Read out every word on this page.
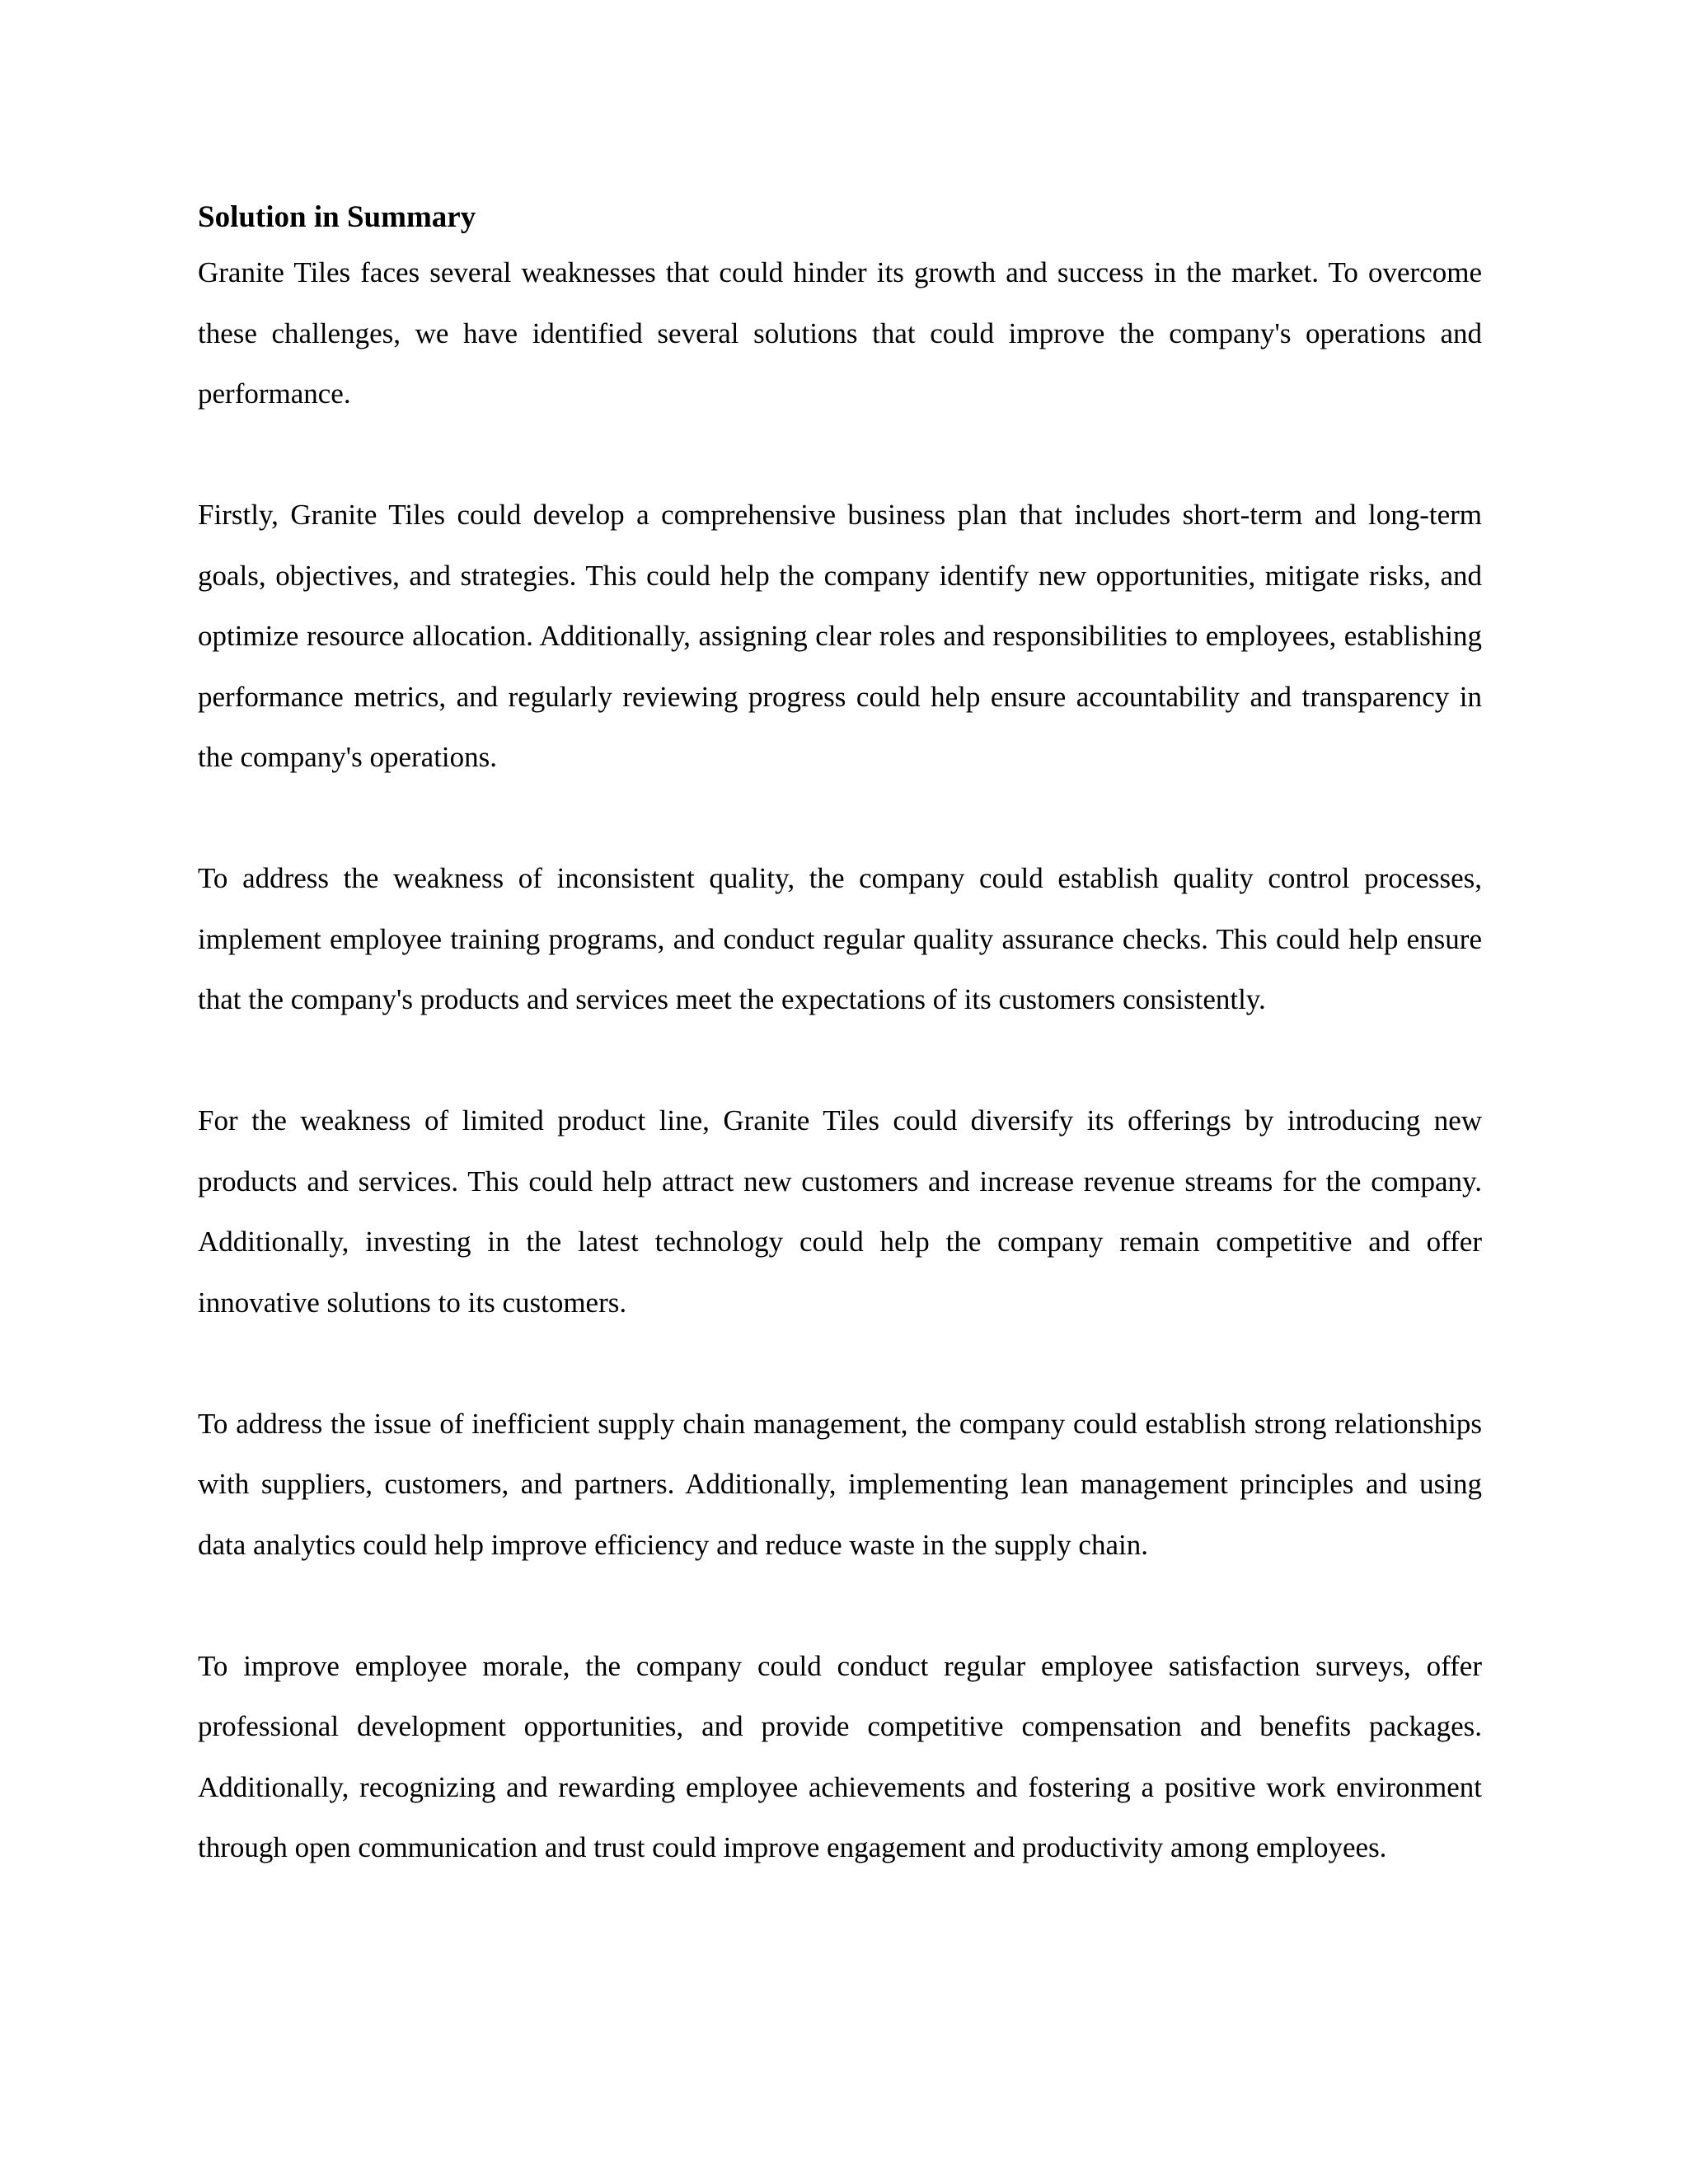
Solution in Summary

Granite Tiles faces several weaknesses that could hinder its growth and success in the market. To overcome these challenges, we have identified several solutions that could improve the company's operations and performance.

Firstly, Granite Tiles could develop a comprehensive business plan that includes short-term and long-term goals, objectives, and strategies. This could help the company identify new opportunities, mitigate risks, and optimize resource allocation. Additionally, assigning clear roles and responsibilities to employees, establishing performance metrics, and regularly reviewing progress could help ensure accountability and transparency in the company's operations.

To address the weakness of inconsistent quality, the company could establish quality control processes, implement employee training programs, and conduct regular quality assurance checks. This could help ensure that the company's products and services meet the expectations of its customers consistently.

For the weakness of limited product line, Granite Tiles could diversify its offerings by introducing new products and services. This could help attract new customers and increase revenue streams for the company. Additionally, investing in the latest technology could help the company remain competitive and offer innovative solutions to its customers.

To address the issue of inefficient supply chain management, the company could establish strong relationships with suppliers, customers, and partners. Additionally, implementing lean management principles and using data analytics could help improve efficiency and reduce waste in the supply chain.

To improve employee morale, the company could conduct regular employee satisfaction surveys, offer professional development opportunities, and provide competitive compensation and benefits packages. Additionally, recognizing and rewarding employee achievements and fostering a positive work environment through open communication and trust could improve engagement and productivity among employees.
